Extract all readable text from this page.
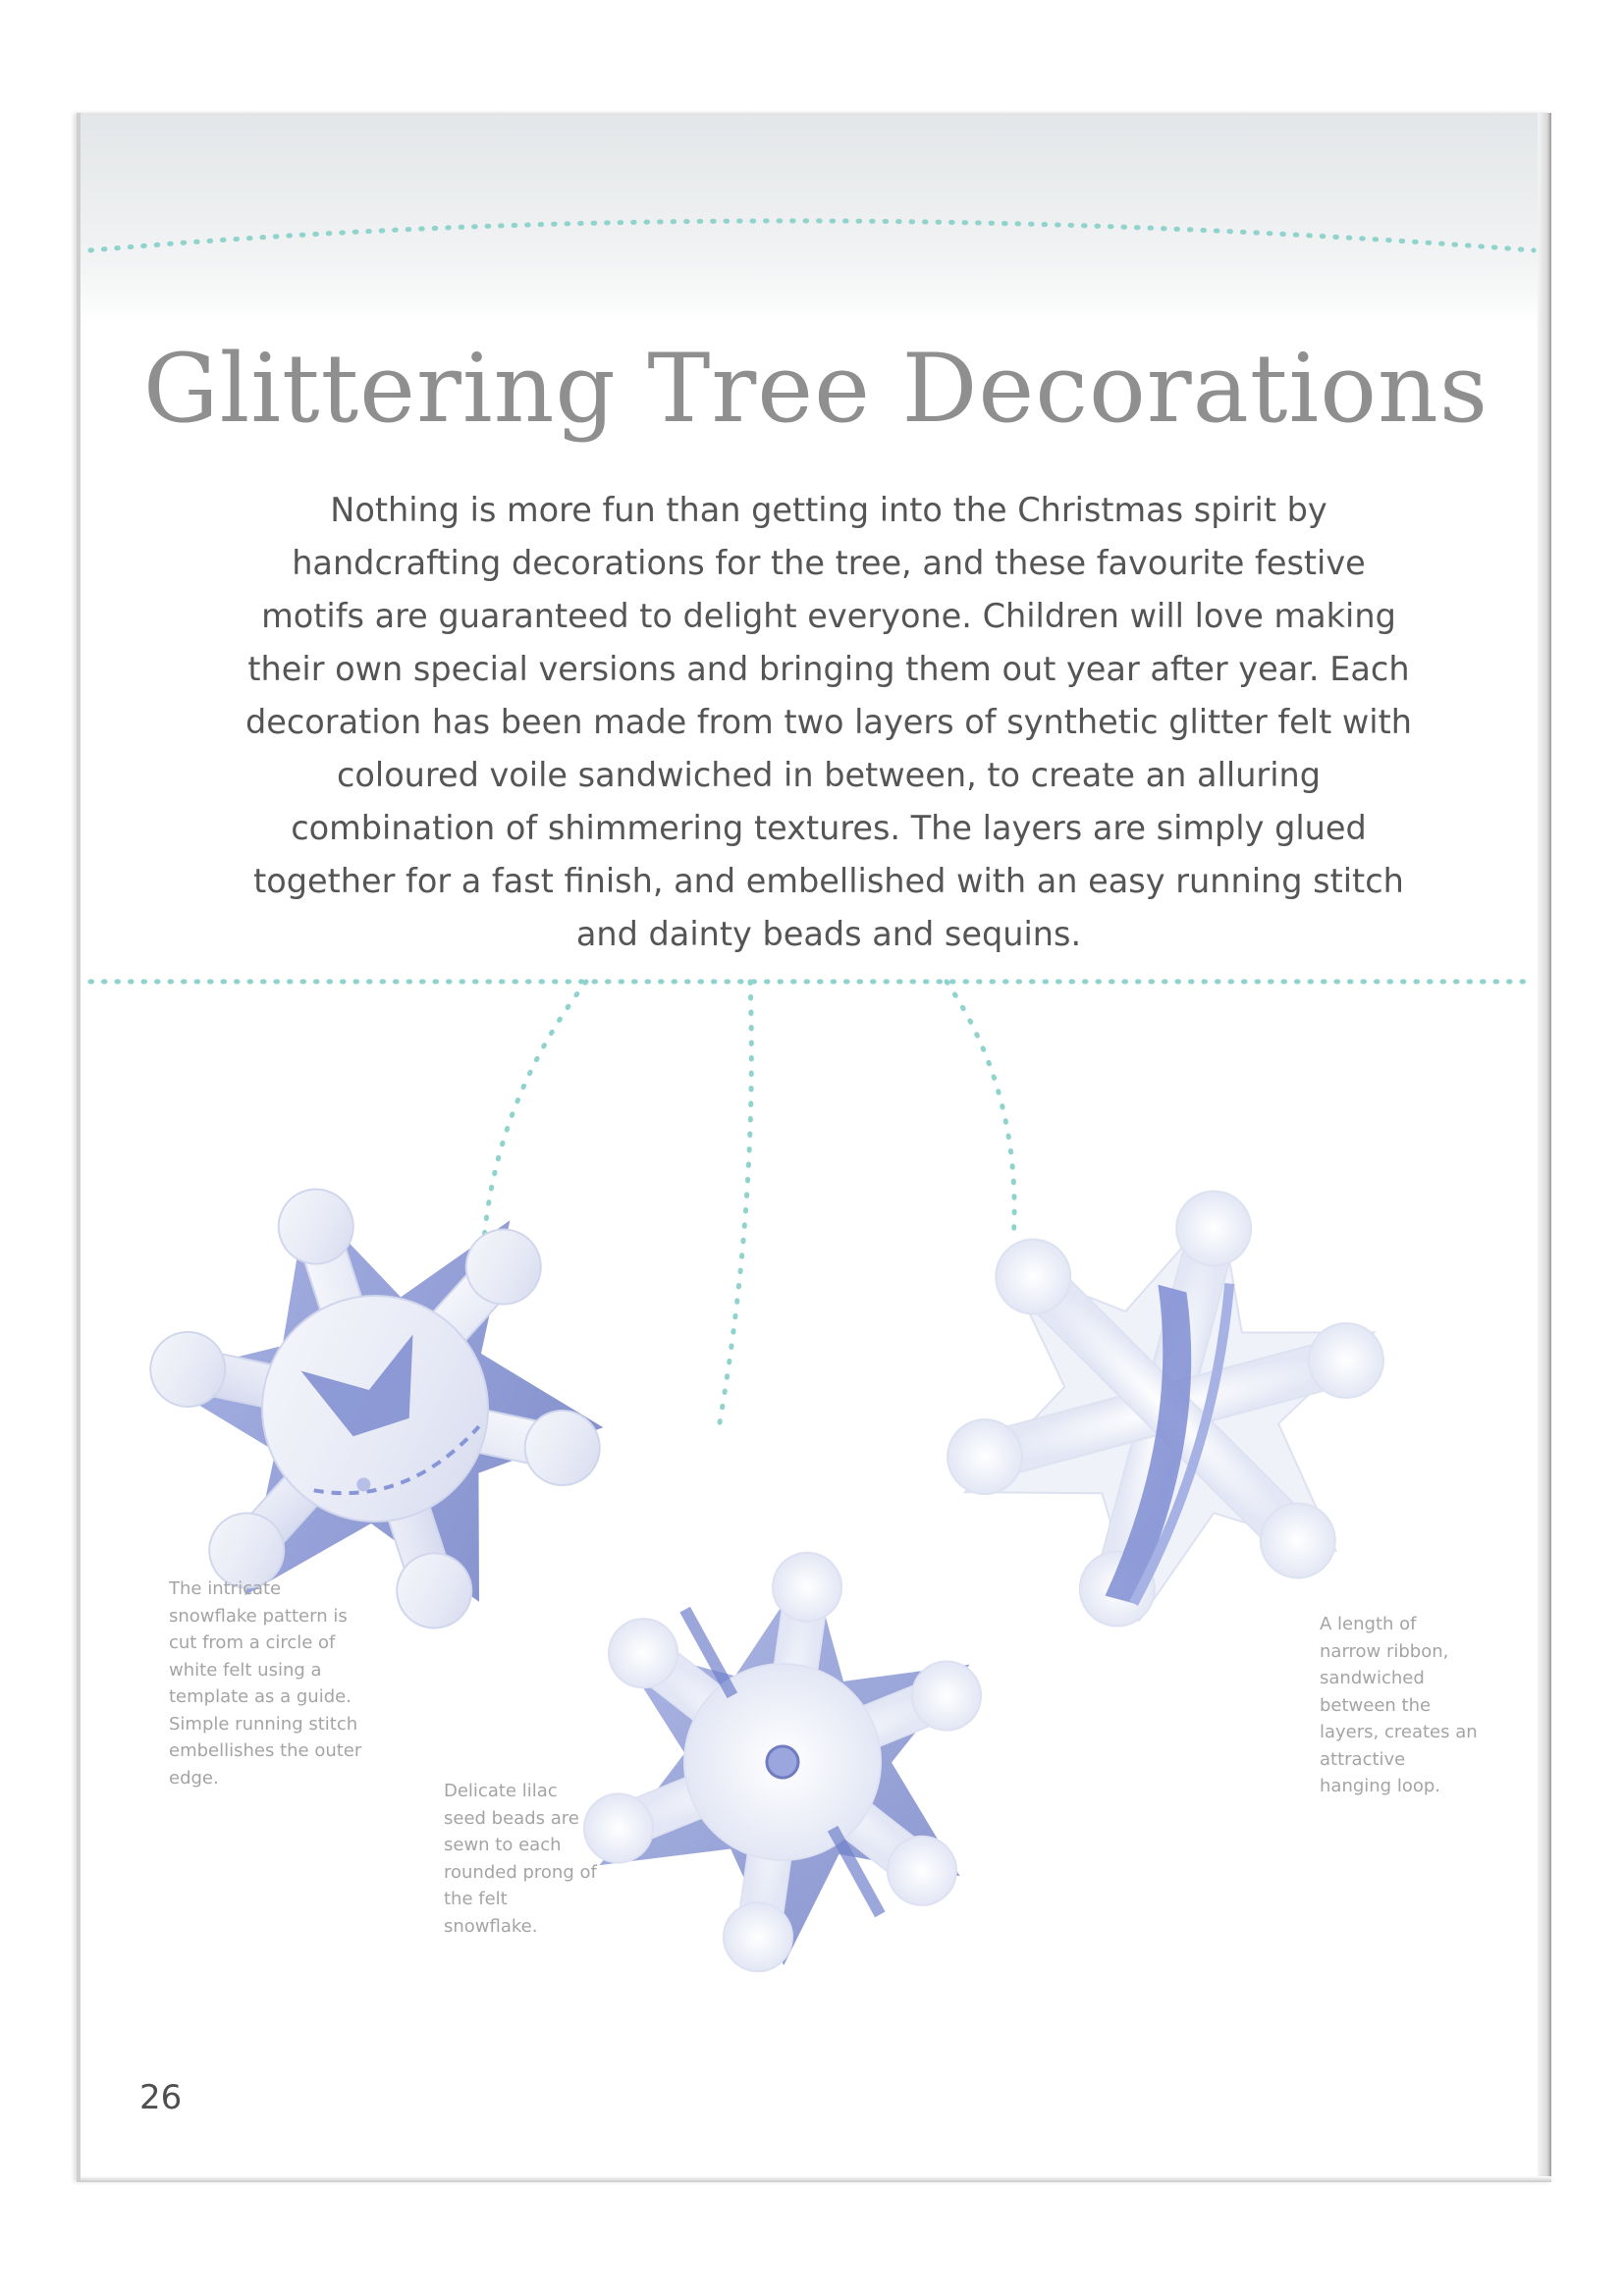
Glittering Tree Decorations

Nothing is more fun than getting into the Christmas spirit by handcrafting decorations for the tree, and these favourite festive motifs are guaranteed to delight everyone. Children will love making their own special versions and bringing them out year after year. Each decoration has been made from two layers of synthetic glitter felt with coloured voile sandwiched in between, to create an alluring combination of shimmering textures. The layers are simply glued together for a fast finish, and embellished with an easy running stitch and dainty beads and sequins.

The intricate snowflake pattern is cut from a circle of white felt using a template as a guide. Simple running stitch embellishes the outer edge.

Delicate lilac seed beads are sewn to each rounded prong of the felt snowflake.

A length of narrow ribbon, sandwiched between the layers, creates an attractive hanging loop.

26
